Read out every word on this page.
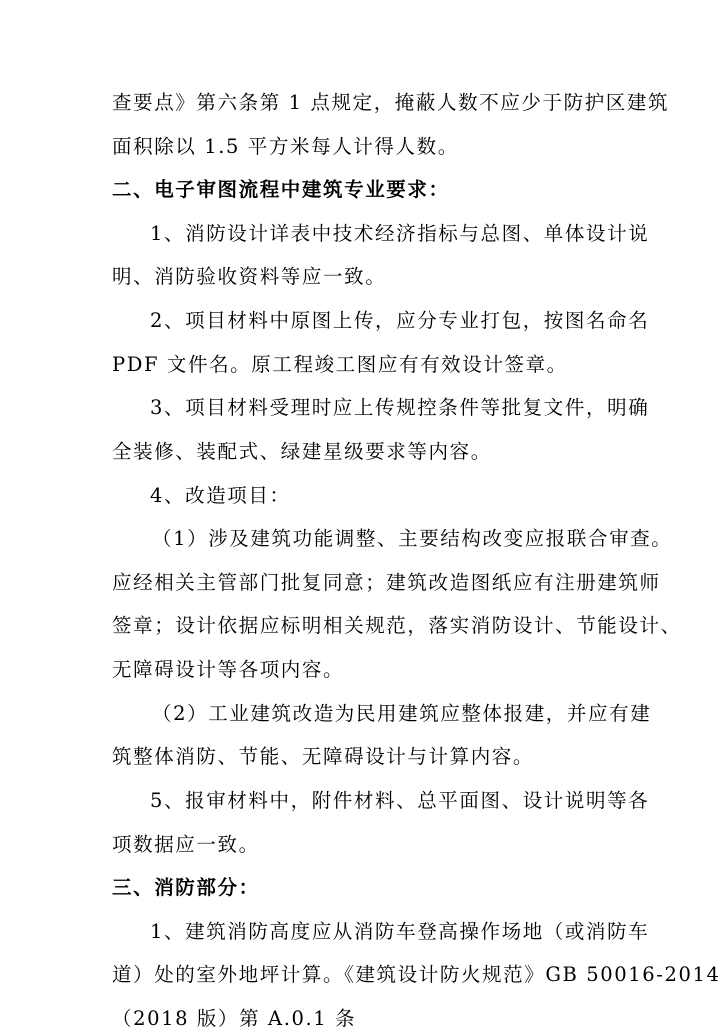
查要点》第六条第 1 点规定，掩蔽人数不应少于防护区建筑
面积除以 1.5 平方米每人计得人数。
二、电子审图流程中建筑专业要求：
1、消防设计详表中技术经济指标与总图、单体设计说
明、消防验收资料等应一致。
2、项目材料中原图上传，应分专业打包，按图名命名
PDF 文件名。原工程竣工图应有有效设计签章。
3、项目材料受理时应上传规控条件等批复文件，明确
全装修、装配式、绿建星级要求等内容。
4、改造项目：
（1）涉及建筑功能调整、主要结构改变应报联合审查。
应经相关主管部门批复同意；建筑改造图纸应有注册建筑师
签章；设计依据应标明相关规范，落实消防设计、节能设计、
无障碍设计等各项内容。
（2）工业建筑改造为民用建筑应整体报建，并应有建
筑整体消防、节能、无障碍设计与计算内容。
5、报审材料中，附件材料、总平面图、设计说明等各
项数据应一致。
三、消防部分：
1、建筑消防高度应从消防车登高操作场地（或消防车
道）处的室外地坪计算。《建筑设计防火规范》GB 50016-2014
（2018 版）第 A.0.1 条
